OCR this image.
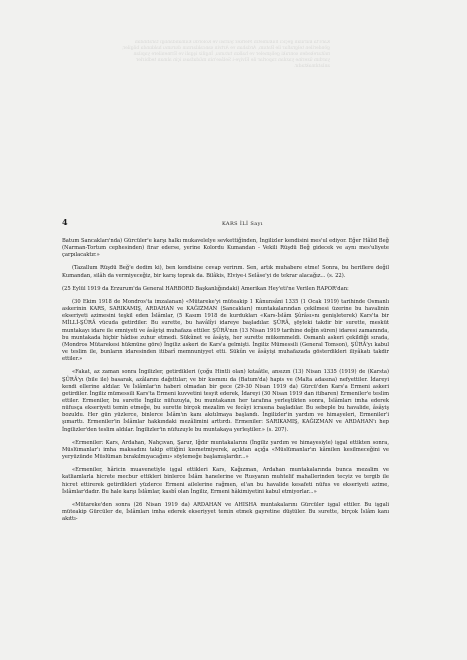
Kars'ta kurulan geçici hükümetin Merkez Şûrâsı ve Kolordu Kumandanlığı tarafından gönderilen telgraflar ile Batum, Ardahan ve Artvin sancaklarının durumu hakkında bilgiler, mütarekeden sonraki gelişmeler ve halkın tutumu, İngiliz işgali ve Ermenilere yapılan yardım üzerine yazılan raporlar ile Elviye-i Selâse'nin müdafaası için alınan tedbirler anlatılmaktadır.
4	KARS İLİ Sayı

Batum Sancakları'nda) Gürcüler'e karşı halkı mukavelelye sevkettiğinden, İngilizler kendisini mes'ul ediyor. Eğer Hâlid Beğ (Narman-Tortum cephesinden) firar ederse, yerine Kolordu Kumandan - Vekili Rüşdü Beğ gidecek ve aynı mes'uliyete çarpılacaktır.»

(Tazallum Rüşdü Beğ'e dedim ki), ben kendisine cevap verirım. Sen, artık muhabere etme! Sonra, bu heriflere değil Kumandan, silâh da vermiyeceğiz, bir karış toprak da. Bilâkis, Elviye-i Selâse'yi de tekrar alacağız... (s. 22).

(25 Eylül 1919 da Erzurum'da General HARBORD Başkanlığındaki) Amerikan Hey'eti'ne Verilen RAPOR'dan:

(30 Ekim 1918 de Mondros'ta imzalanan) «Mütareke'yi müteakip 1 Kânunsâni 1335 (1 Ocak 1919) tarihinde Osmanlı askerinin KARS, SARIKAMIŞ, ARDAHAN ve KAĞIZMAN (Sancakları) muntakalarından çekilmesi üzerine bu havalinin ekseriyeti azimesini teşkil eden İslâmlar, (5 Kasım 1918 de kurdukları «Kars-İslâm Şûrâsı»nı genişleterek) Kars'ta bir MİLLİ-ŞÛRÂ vücuda getirdiler. Bu surette, bu havâlîyi idareye başladılar. ŞÛRÂ, şöyleki takdir bir surette, mesküt muntakayı idare ile emniyeti ve âsâyişi muhafaza ettiler. ŞÛRÂ'nın (13 Nisan 1919 tarihine değin süren) idaresi zamanında, bu muntakada hiçbir hâdise zuhur etmedi. Sükûnet ve âsâyiş, her surette mükemmeldi. Osmanlı askeri çekildiği sırada, (Mondros Mütarekesi hükmüne göre) İngiliz askeri de Kars'a gelmişti. İngiliz Mümessili (General Tomson), ŞÛRÂ'yı kabul ve teslim ile, bunların idaresinden itibarî memnuniyyet etti. Sükûn ve âsâyişi muhafazada gösterdikleri iliyâkatı takdir ettiler.»

«Fakat, az zaman sonra İngilizler, getirdikleri (çoğu Hintli olan) kıtaâtle, ansızın (13) Nisan 1335 (1919) de (Karsta) ŞÛRÂ'yı (bile ile) basarak, azâlarını dağıttılar; ve bir kısmını da (Batum'da) hapis ve (Malta adasına) nefyettiler. İdareyi kendi ellerine aldılar. Ve İslâmlar'ın haberi olmadan bir gece (29-30 Nisan 1919 da) Gürcü'den Kars'a Ermeni askeri getirdiler. İngiliz mümessili Kars'ta Ermeni kuvvetini tesyit ederek, İdareyi (30 Nisan 1919 dan itibaren) Ermeniler'e teslim ettiler. Ermeniler, bu surette İngiliz nüfuzuyla, bu muntakanın her tarafına yerleştikten sonra, İslâmları imha ederek nüfusça ekseriyeti temin etmeğe, bu surette birçok mezalim ve fecâyi icrasına başladılar. Bu sebeple bu havalide, âsâyiş bozuldu. Her gün yüzlerce, binlerce İslâm'ın kanı akıtılmaya başlandı. İngilizler'in yardım ve himayeleri, Ermeniler'i şımarttı. Ermeniler'in İslâmlar hakkındaki mezâlimini arttırdı. Ermeniler: SARIKAMIŞ, KAĞIZMAN ve ARDAHAN'ı hep İngilizler'den teslim aldılar. İngilizler'in nüfuzuyle bu muntakaya yerleştiler.» (s. 207).

«Ermeniler: Kars, Ardahan, Nahçıvan, Şarur, Iğdır muntakalarını (İngiliz yardım ve himayesiyle) işgal ettikten sonra, Müslümanlar'ı imha maksadını takip ettiğini kısmetmiyerek, açıktan açığa «Müslümanlar'ın kâmilen kesilmeceğini ve yeryüzünde Müslüman bırakılmıyacağını» söylemeğe başlamışlardır...»

«Ermeniler, hâricin muavenetiyle işgal ettikleri Kars, Kağızman, Ardahan muntakalarında bunca mezalim ve katliamlarla hicrete mecbur ettikleri binlerce İslâm hanelerine ve Rusyanın muhtelif mahallerinden tecyiz ve tergib ile hicret ettirerek getirdikleri yüzlerce Ermeni ailelerine rağmen, el'an bu havalide kesafeti nüfus ve ekseriyeti azime, İslâmlar'dadır. Bu hale karşı İslâmlar, kasbî olan İngiliz, Ermeni hâkimiyetini kabul etmiyorlar...»

«Mütareke'den sonra (26 Nisan 1919 da) ARDAHAN ve AHISHA muntakalarını Gürcüler işgal ettiler. Bu işgali müteakip Gürcüler de, İslâmları imha ederek ekseriyyet temin etmek gayretine düştüler. Bu surette, birçok İslâm kanı akıttı-
